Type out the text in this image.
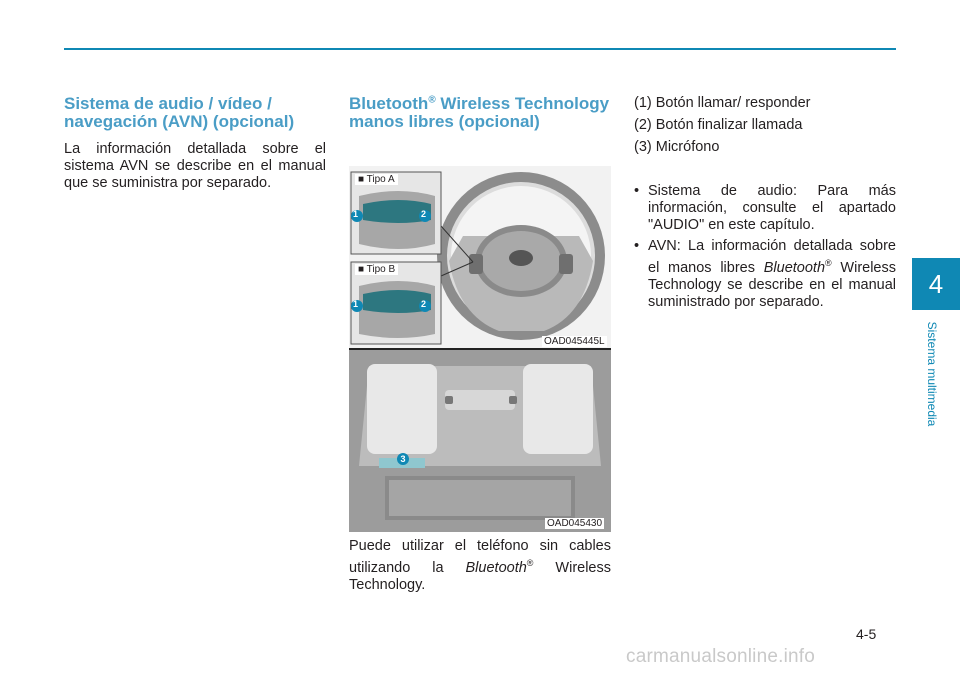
Sistema de audio / vídeo / navegación (AVN) (opcional)

La información detallada sobre el sistema AVN se describe en el manual que se suministra por separado.

Bluetooth® Wireless Technology manos libres (opcional)
■ Tipo A
■ Tipo B
1	2
1	2
3
OAD045445L
OAD045430

Puede utilizar el teléfono sin cables utilizando la Bluetooth® Wireless Technology.

(1) Botón llamar/ responder
(2) Botón finalizar llamada
(3) Micrófono
• Sistema de audio: Para más información, consulte el apartado "AUDIO" en este capítulo.
• AVN: La información detallada sobre el manos libres Bluetooth® Wireless Technology se describe en el manual suministrado por separado.
4
Sistema multimedia
4-5
carmanualsonline.info
